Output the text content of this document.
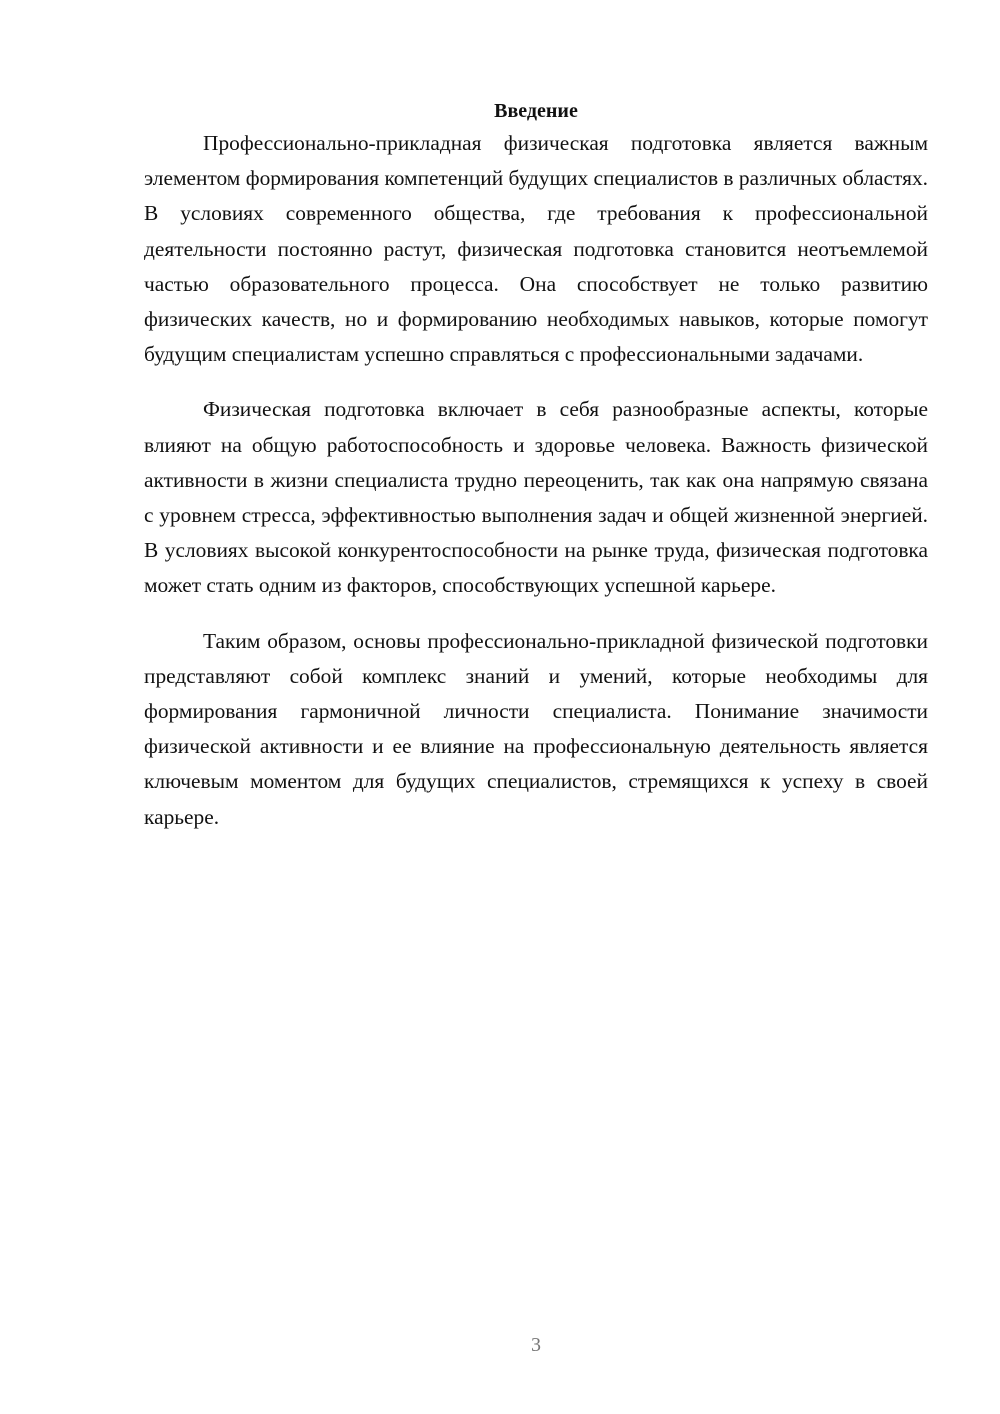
Введение

Профессионально-прикладная физическая подготовка является важным элементом формирования компетенций будущих специалистов в различных областях. В условиях современного общества, где требования к профессиональной деятельности постоянно растут, физическая подготовка становится неотъемлемой частью образовательного процесса. Она способствует не только развитию физических качеств, но и формированию необходимых навыков, которые помогут будущим специалистам успешно справляться с профессиональными задачами.

Физическая подготовка включает в себя разнообразные аспекты, которые влияют на общую работоспособность и здоровье человека. Важность физической активности в жизни специалиста трудно переоценить, так как она напрямую связана с уровнем стресса, эффективностью выполнения задач и общей жизненной энергией. В условиях высокой конкурентоспособности на рынке труда, физическая подготовка может стать одним из факторов, способствующих успешной карьере.

Таким образом, основы профессионально-прикладной физической подготовки представляют собой комплекс знаний и умений, которые необходимы для формирования гармоничной личности специалиста. Понимание значимости физической активности и ее влияние на профессиональную деятельность является ключевым моментом для будущих специалистов, стремящихся к успеху в своей карьере.

3
